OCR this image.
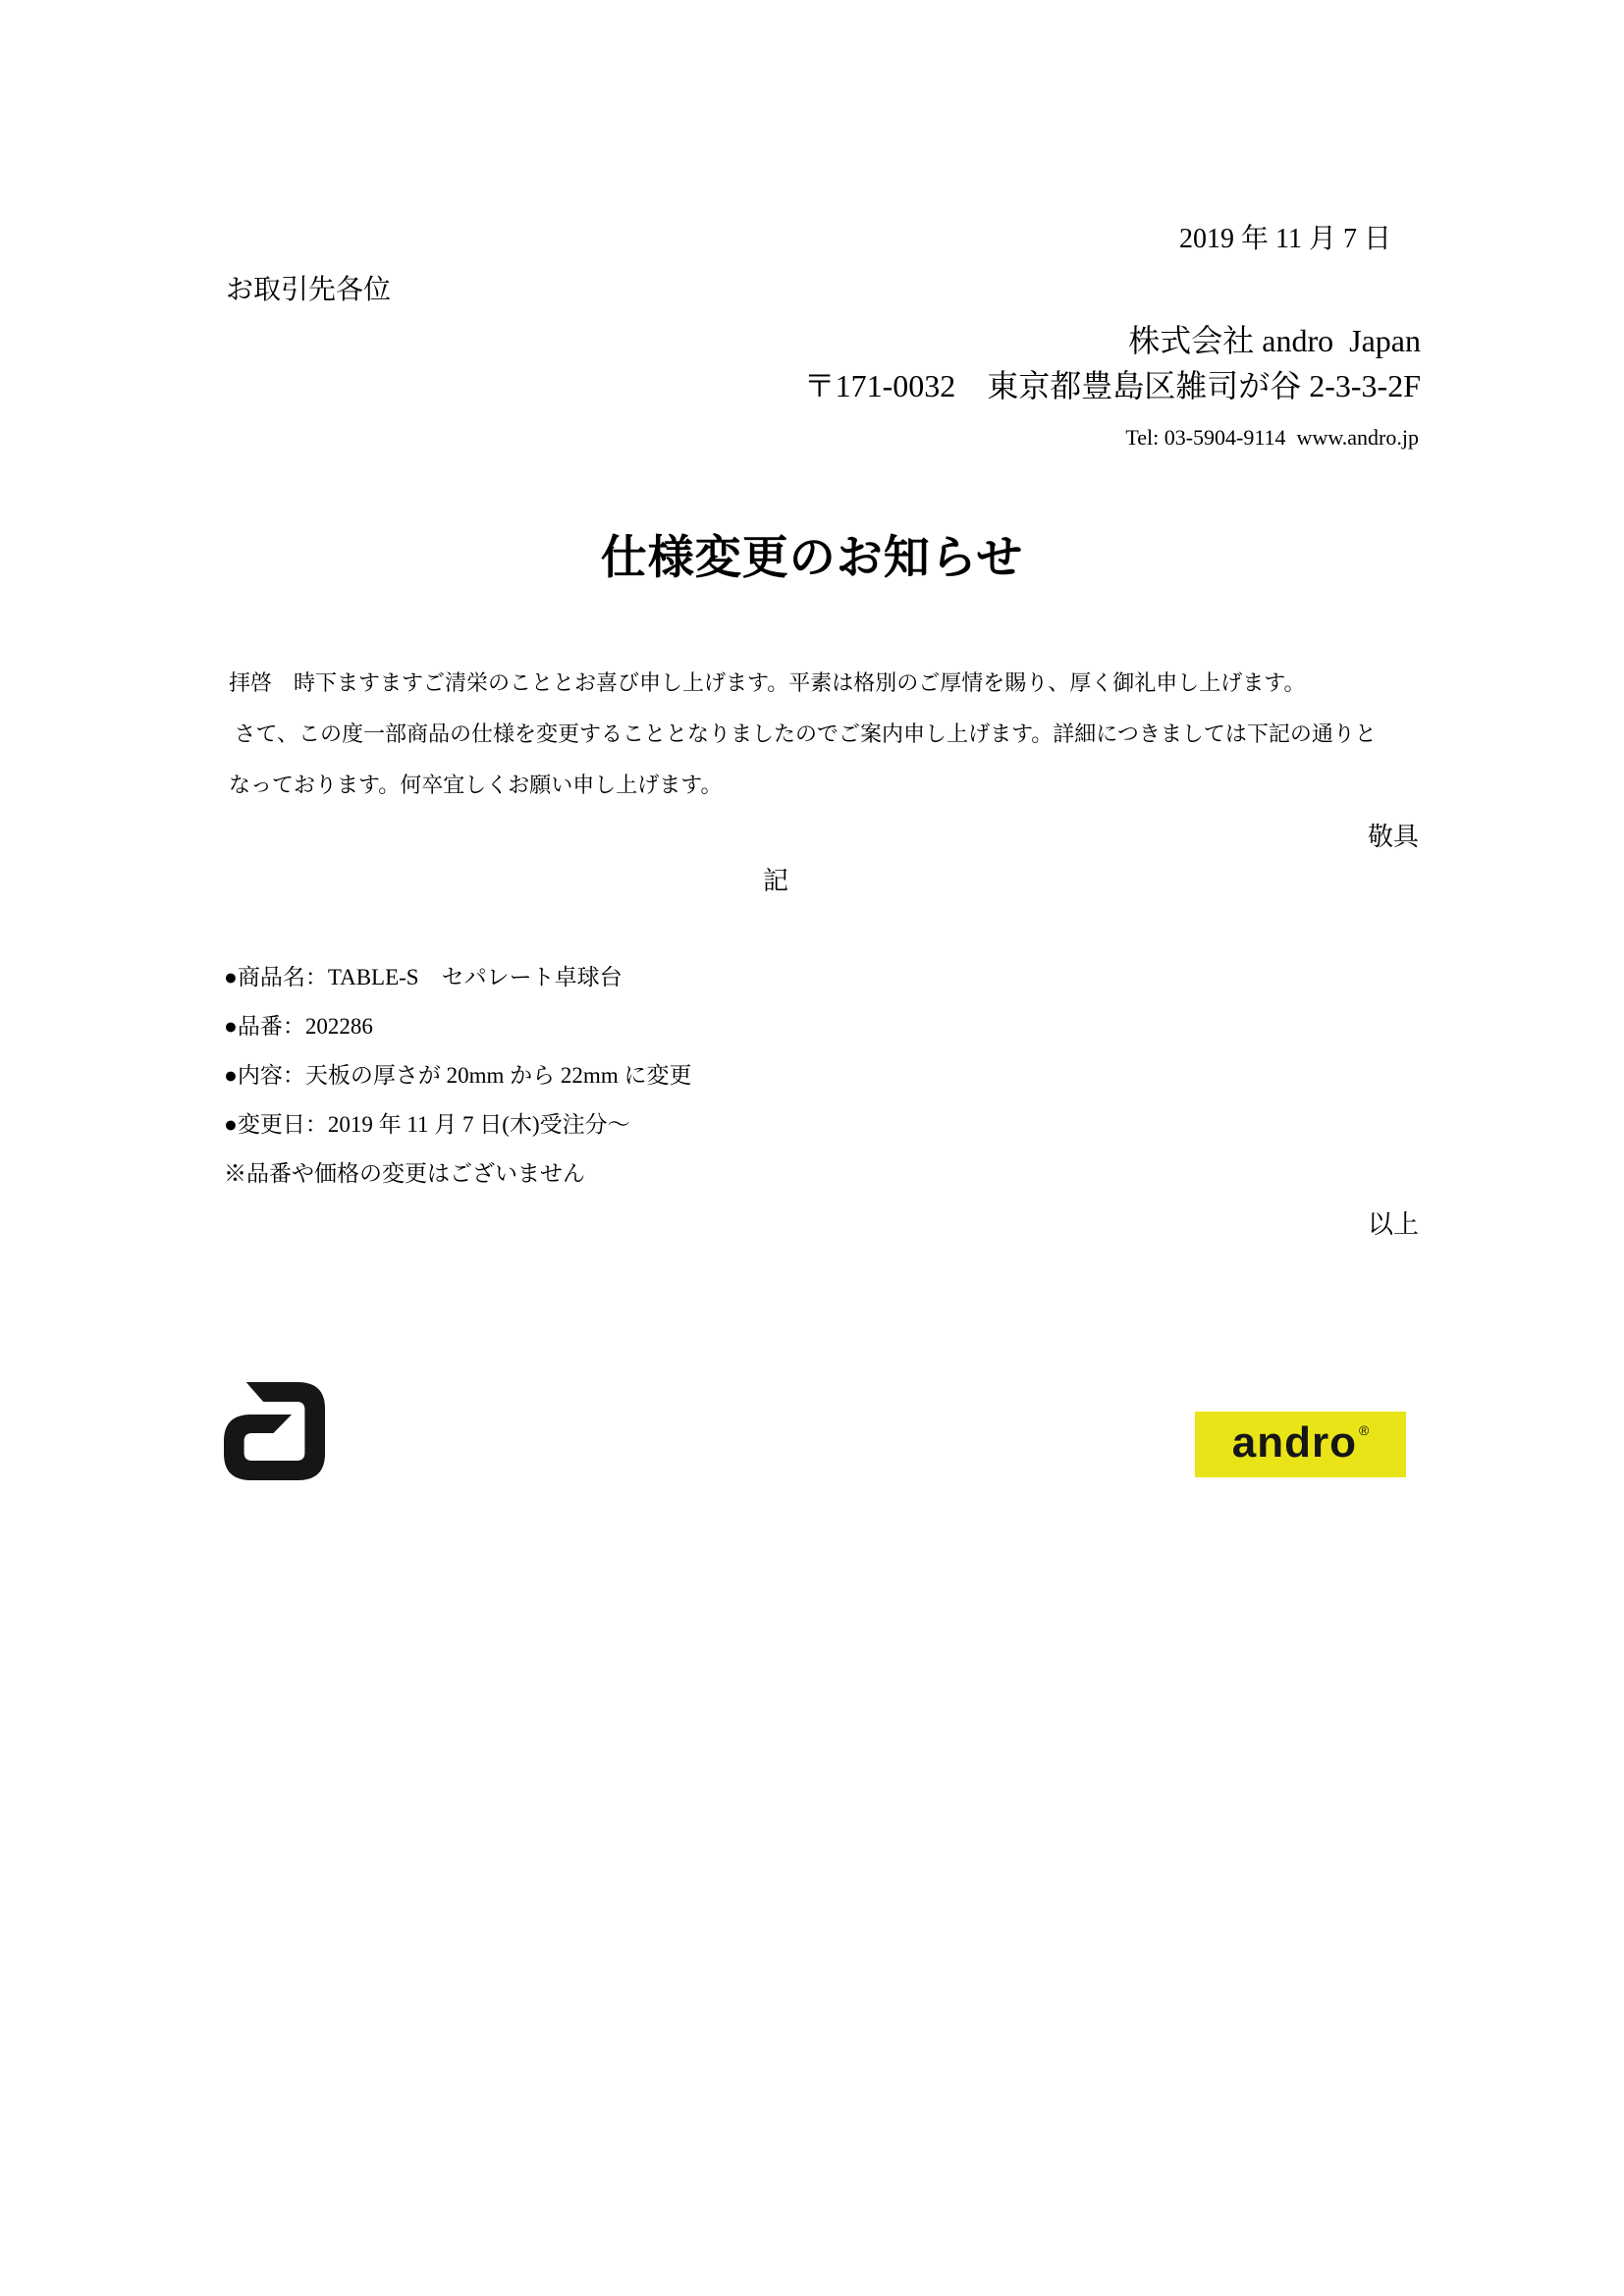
2019 年 11 月 7 日
お取引先各位
株式会社 andro  Japan
〒171-0032　東京都豊島区雑司が谷 2-3-3-2F
Tel: 03-5904-9114  www.andro.jp
仕様変更のお知らせ
拝啓　時下ますますご清栄のこととお喜び申し上げます。平素は格別のご厚情を賜り、厚く御礼申し上げます。
さて、この度一部商品の仕様を変更することとなりましたのでご案内申し上げます。詳細につきましては下記の通りと
なっております。何卒宜しくお願い申し上げます。
敬具
記
●商品名：TABLE-S　セパレート卓球台
●品番：202286
●内容：天板の厚さが 20mm から 22mm に変更
●変更日：2019 年 11 月 7 日(木)受注分～
※品番や価格の変更はございません
以上
andro ®
